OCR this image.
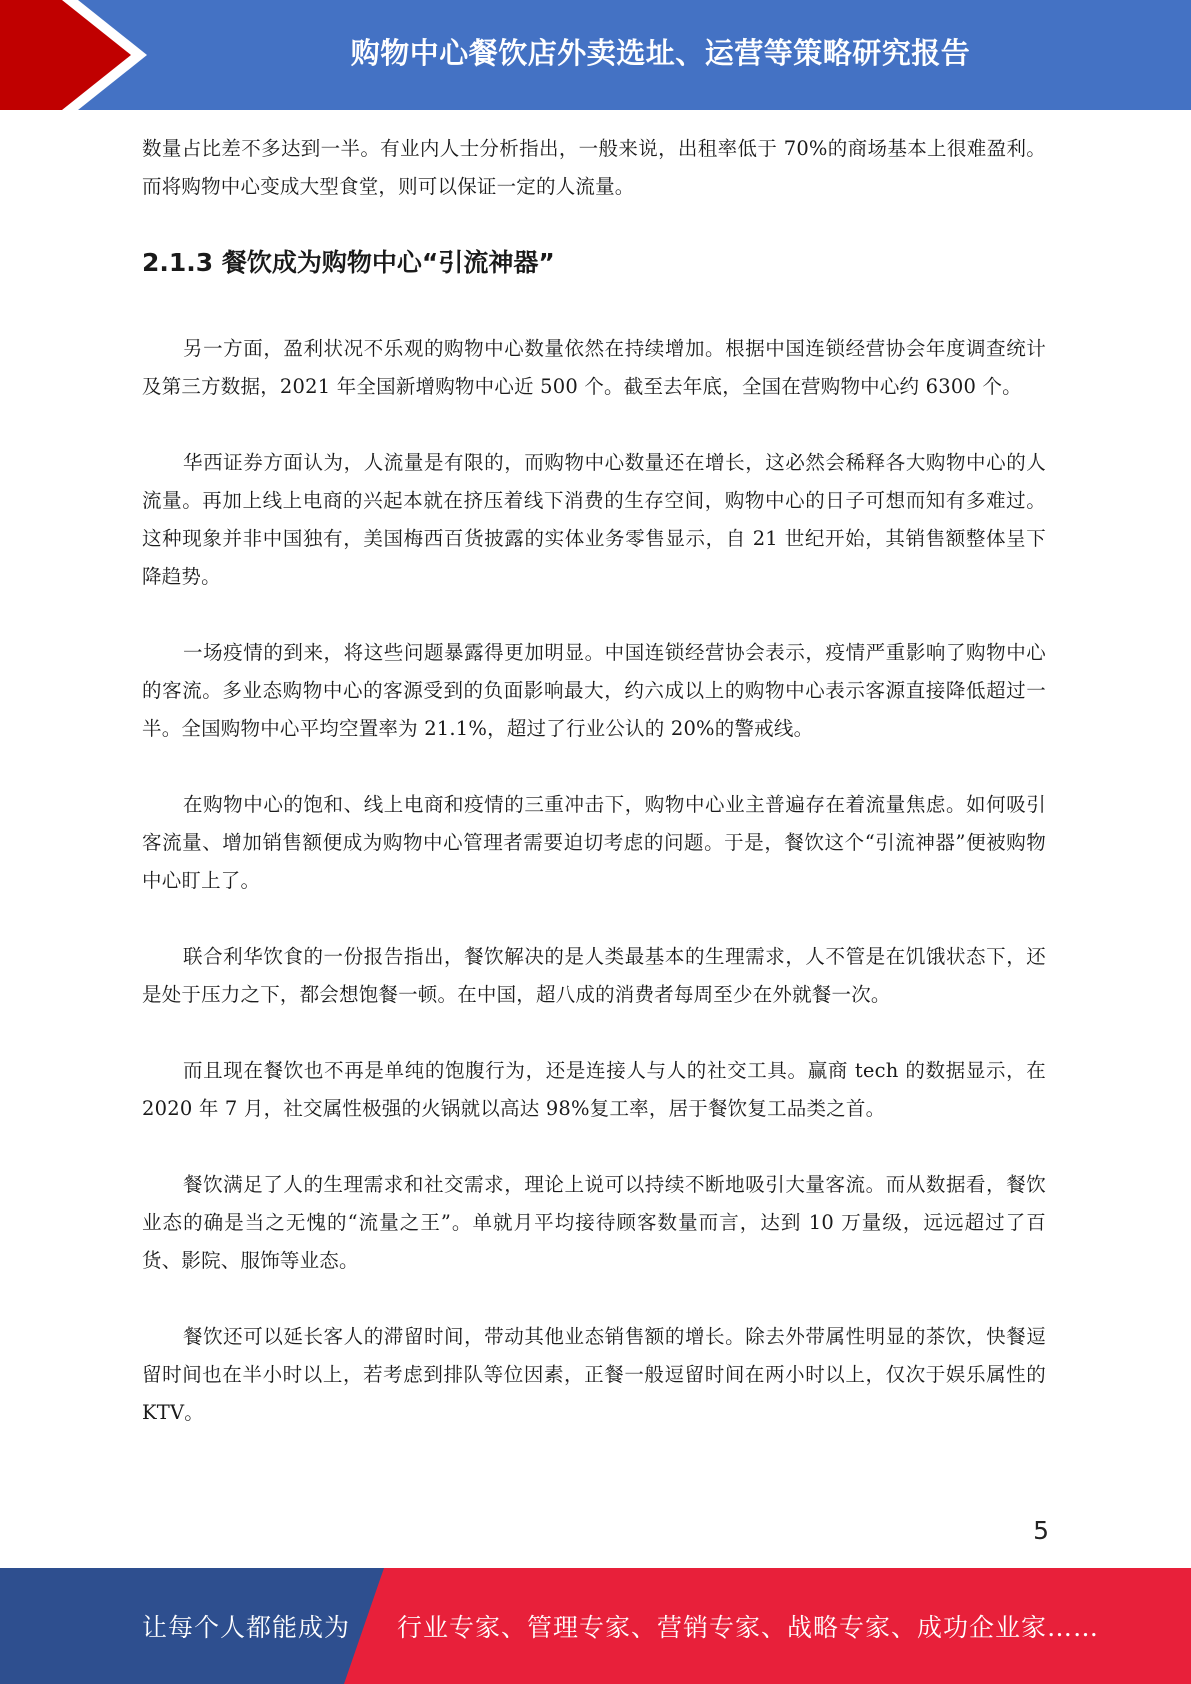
购物中心餐饮店外卖选址、运营等策略研究报告

数量占比差不多达到一半。有业内人士分析指出，一般来说，出租率低于 70%的商场基本上很难盈利。而将购物中心变成大型食堂，则可以保证一定的人流量。

2.1.3 餐饮成为购物中心“引流神器”

另一方面，盈利状况不乐观的购物中心数量依然在持续增加。根据中国连锁经营协会年度调查统计及第三方数据，2021 年全国新增购物中心近 500 个。截至去年底，全国在营购物中心约 6300 个。

华西证券方面认为，人流量是有限的，而购物中心数量还在增长，这必然会稀释各大购物中心的人流量。再加上线上电商的兴起本就在挤压着线下消费的生存空间，购物中心的日子可想而知有多难过。这种现象并非中国独有，美国梅西百货披露的实体业务零售显示，自 21 世纪开始，其销售额整体呈下降趋势。

一场疫情的到来，将这些问题暴露得更加明显。中国连锁经营协会表示，疫情严重影响了购物中心的客流。多业态购物中心的客源受到的负面影响最大，约六成以上的购物中心表示客源直接降低超过一半。全国购物中心平均空置率为 21.1%，超过了行业公认的 20%的警戒线。

在购物中心的饱和、线上电商和疫情的三重冲击下，购物中心业主普遍存在着流量焦虑。如何吸引客流量、增加销售额便成为购物中心管理者需要迫切考虑的问题。于是，餐饮这个“引流神器”便被购物中心盯上了。

联合利华饮食的一份报告指出，餐饮解决的是人类最基本的生理需求，人不管是在饥饿状态下，还是处于压力之下，都会想饱餐一顿。在中国，超八成的消费者每周至少在外就餐一次。

而且现在餐饮也不再是单纯的饱腹行为，还是连接人与人的社交工具。赢商 tech 的数据显示，在 2020 年 7 月，社交属性极强的火锅就以高达 98%复工率，居于餐饮复工品类之首。

餐饮满足了人的生理需求和社交需求，理论上说可以持续不断地吸引大量客流。而从数据看，餐饮业态的确是当之无愧的“流量之王”。单就月平均接待顾客数量而言，达到 10 万量级，远远超过了百货、影院、服饰等业态。

餐饮还可以延长客人的滞留时间，带动其他业态销售额的增长。除去外带属性明显的茶饮，快餐逗留时间也在半小时以上，若考虑到排队等位因素，正餐一般逗留时间在两小时以上，仅次于娱乐属性的 KTV。

5
让每个人都能成为 行业专家、管理专家、营销专家、战略专家、成功企业家……
